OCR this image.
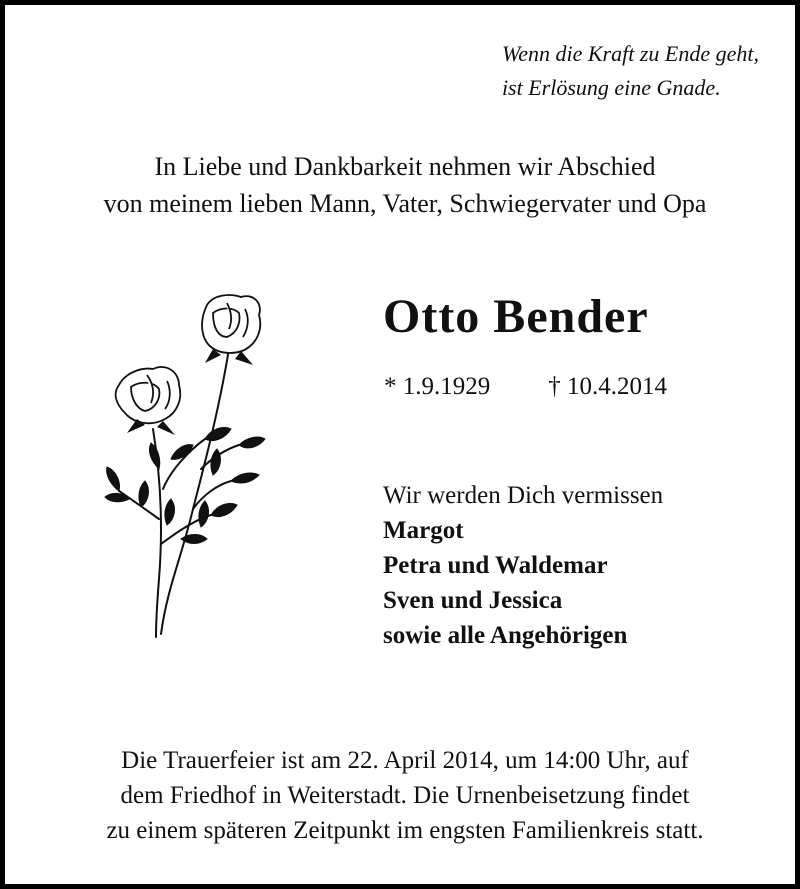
Wenn die Kraft zu Ende geht,
ist Erlösung eine Gnade.
In Liebe und Dankbarkeit nehmen wir Abschied
von meinem lieben Mann, Vater, Schwiegervater und Opa
Otto Bender
* 1.9.1929 † 10.4.2014
Wir werden Dich vermissen
Margot
Petra und Waldemar
Sven und Jessica
sowie alle Angehörigen
Die Trauerfeier ist am 22. April 2014, um 14:00 Uhr, auf
dem Friedhof in Weiterstadt. Die Urnenbeisetzung findet
zu einem späteren Zeitpunkt im engsten Familienkreis statt.
